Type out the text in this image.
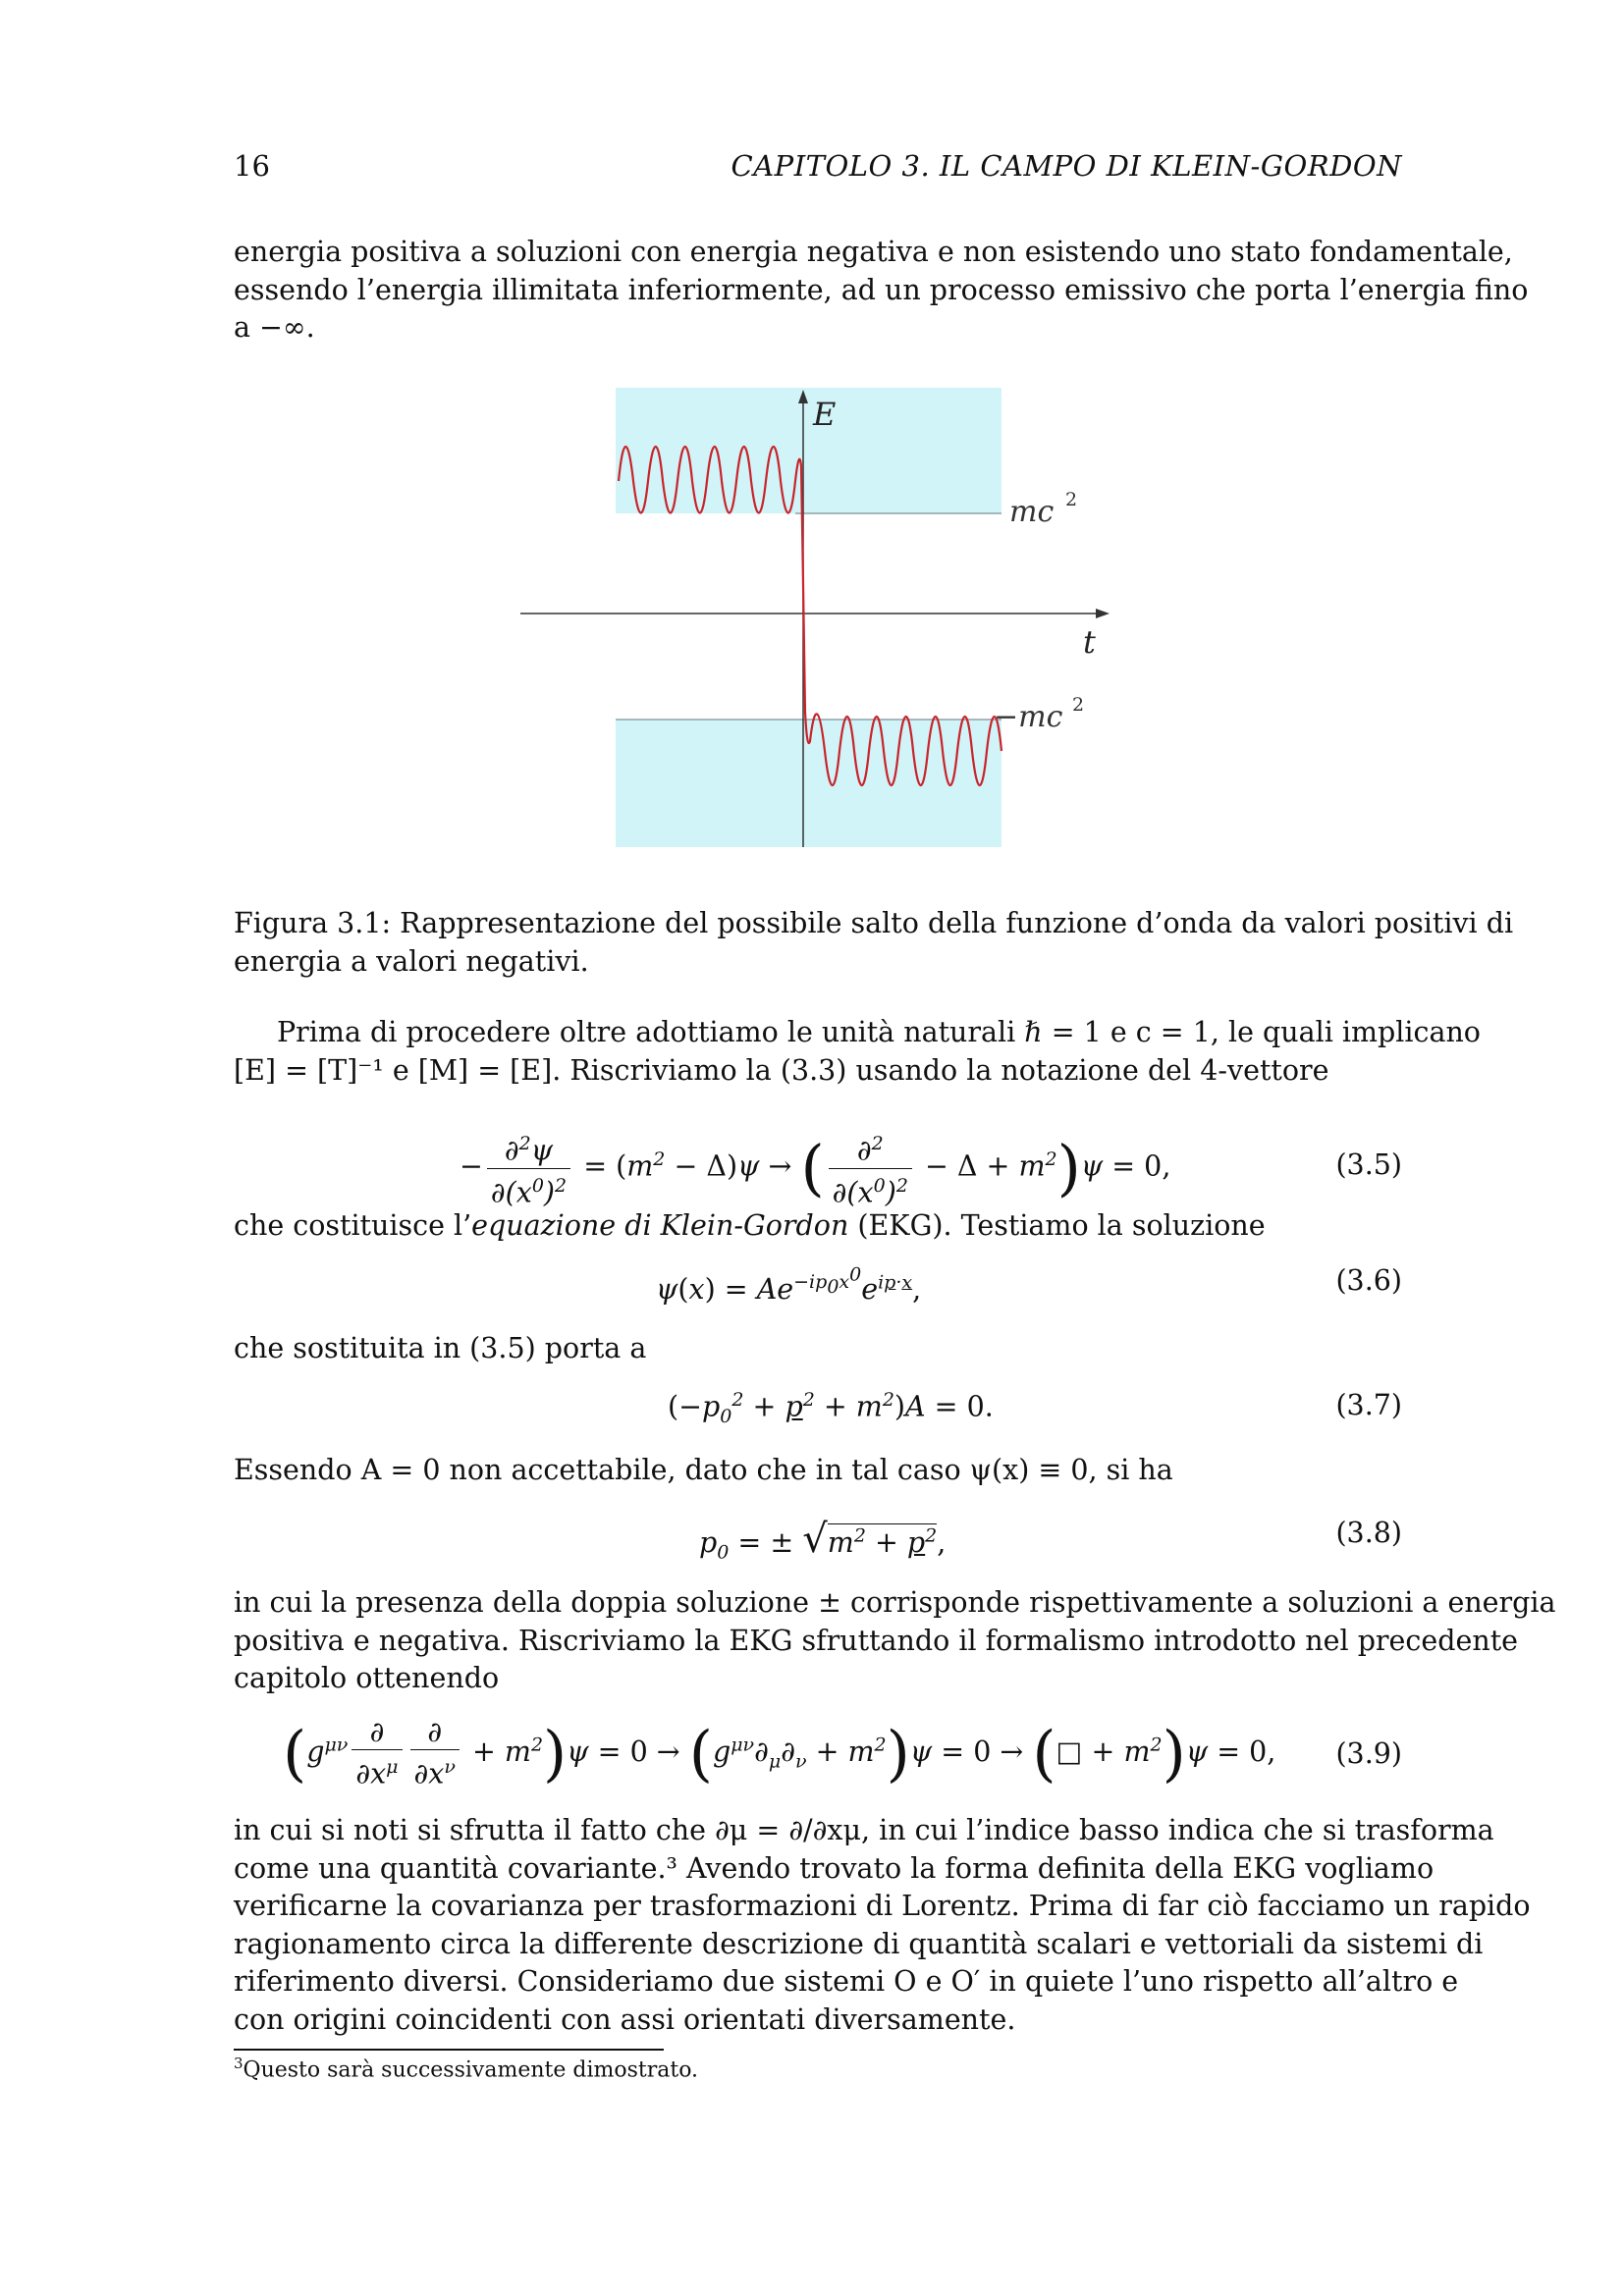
16	CAPITOLO 3. IL CAMPO DI KLEIN-GORDON
energia positiva a soluzioni con energia negativa e non esistendo uno stato fondamentale,
essendo l’energia illimitata inferiormente, ad un processo emissivo che porta l’energia fino
a −∞.
E
t
mc 2
−mc 2
Figura 3.1: Rappresentazione del possibile salto della funzione d’onda da valori positivi di
energia a valori negativi.
Prima di procedere oltre adottiamo le unità naturali ℏ = 1 e c = 1, le quali implicano
[E] = [T]⁻¹ e [M] = [E]. Riscriviamo la (3.3) usando la notazione del 4-vettore
− $\frac{\partial^2\psi}{\partial(x^0)^2} = (m^2 - \Delta)\psi$ → ( $\frac{\partial^2}{\partial(x^0)^2} - \Delta + m^2)\psi = 0$,	(3.5)
che costituisce l’equazione di Klein-Gordon (EKG). Testiamo la soluzione
$\psi(x) = Ae^{-ip_0x^0}e^{ip\cdot x}$,	(3.6)
che sostituita in (3.5) porta a
$(-p_0^2 + p^2 + m^2)A = 0$.	(3.7)
Essendo A = 0 non accettabile, dato che in tal caso ψ(x) ≡ 0, si ha
$p_0$ = ± $√m^2 + p^2$,	(3.8)
in cui la presenza della doppia soluzione ± corrisponde rispettivamente a soluzioni a energia
positiva e negativa. Riscriviamo la EKG sfruttando il formalismo introdotto nel precedente
capitolo ottenendo
$(g^{\mu\nu} \frac{\partial}{\partial x^\mu} \frac{\partial}{\partial x^\nu} + m^2)\psi = 0 \to (g^{\mu\nu}\partial_\mu\partial_\nu + m^2)\psi = 0$ → (□ + $m^2)\psi = 0$, (3.9)
in cui si noti si sfrutta il fatto che ∂μ = ∂/∂xμ, in cui l’indice basso indica che si trasforma
come una quantità covariante.³ Avendo trovato la forma definita della EKG vogliamo
verificarne la covarianza per trasformazioni di Lorentz. Prima di far ciò facciamo un rapido
ragionamento circa la differente descrizione di quantità scalari e vettoriali da sistemi di
riferimento diversi. Consideriamo due sistemi O e O′ in quiete l’uno rispetto all’altro e
con origini coincidenti con assi orientati diversamente.
$^3$Questo sarà successivamente dimostrato.
